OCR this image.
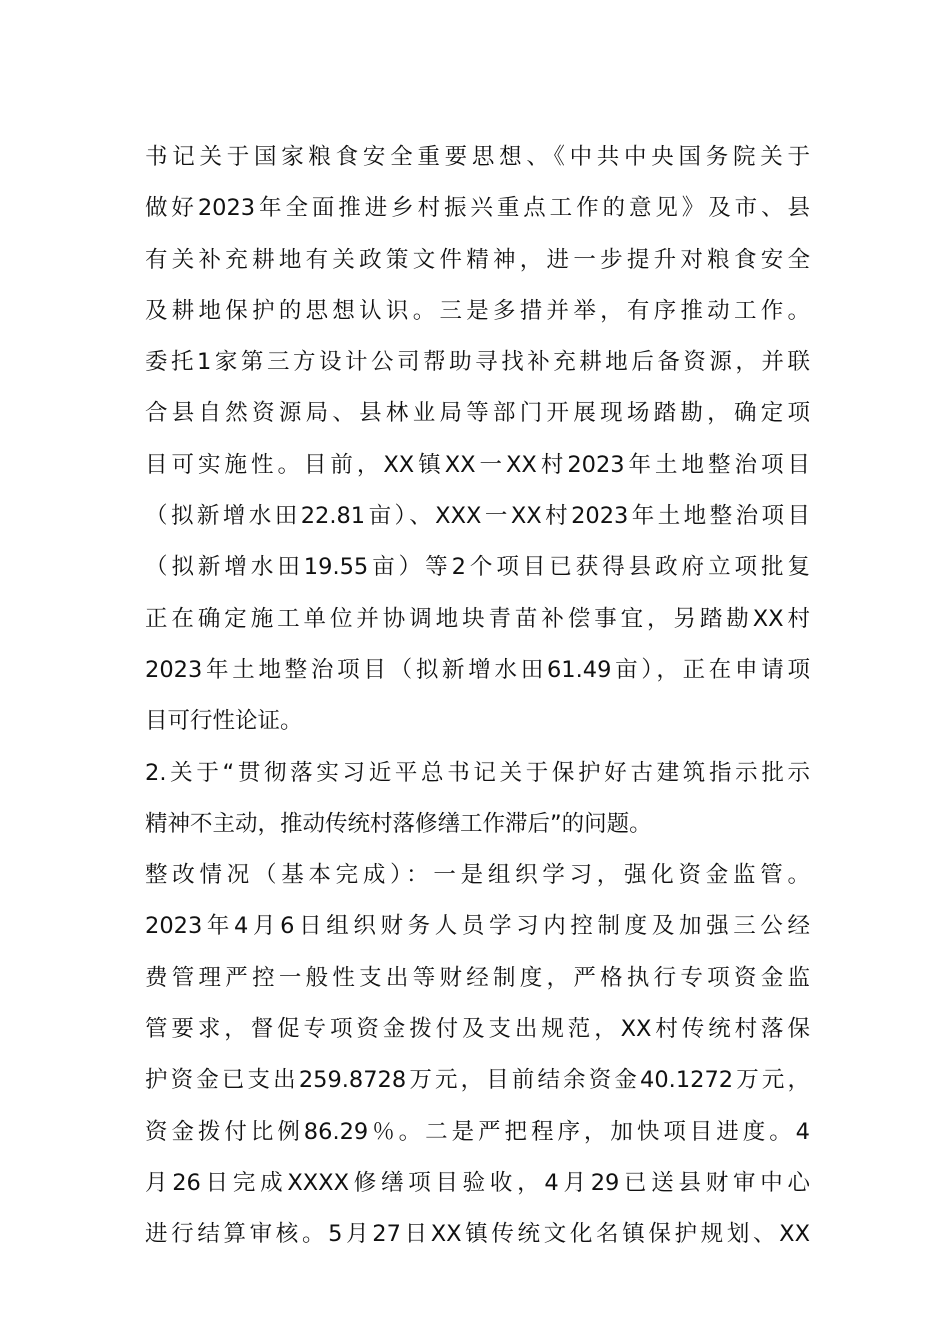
书记关于国家粮食安全重要思想、《中共中央国务院关于
做好2023年全面推进乡村振兴重点工作的意见》及市、县
有关补充耕地有关政策文件精神，进一步提升对粮食安全
及耕地保护的思想认识。三是多措并举，有序推动工作。
委托1家第三方设计公司帮助寻找补充耕地后备资源，并联
合县自然资源局、县林业局等部门开展现场踏勘，确定项
目可实施性。目前，XX镇XX一XX村2023年土地整治项目
（拟新增水田22.81亩）、XXX一XX村2023年土地整治项目
（拟新增水田19.55亩）等2个项目已获得县政府立项批复
正在确定施工单位并协调地块青苗补偿事宜，另踏勘XX村
2023年土地整治项目（拟新增水田61.49亩），正在申请项
目可行性论证。
2.关于“贯彻落实习近平总书记关于保护好古建筑指示批示
精神不主动，推动传统村落修缮工作滞后”的问题。
整改情况（基本完成）：一是组织学习，强化资金监管。
2023年4月6日组织财务人员学习内控制度及加强三公经
费管理严控一般性支出等财经制度，严格执行专项资金监
管要求，督促专项资金拨付及支出规范，XX村传统村落保
护资金已支出259.8728万元，目前结余资金40.1272万元，
资金拨付比例86.29％。二是严把程序，加快项目进度。4
月26日完成XXXX修缮项目验收，4月29已送县财审中心
进行结算审核。5月27日XX镇传统文化名镇保护规划、XX
